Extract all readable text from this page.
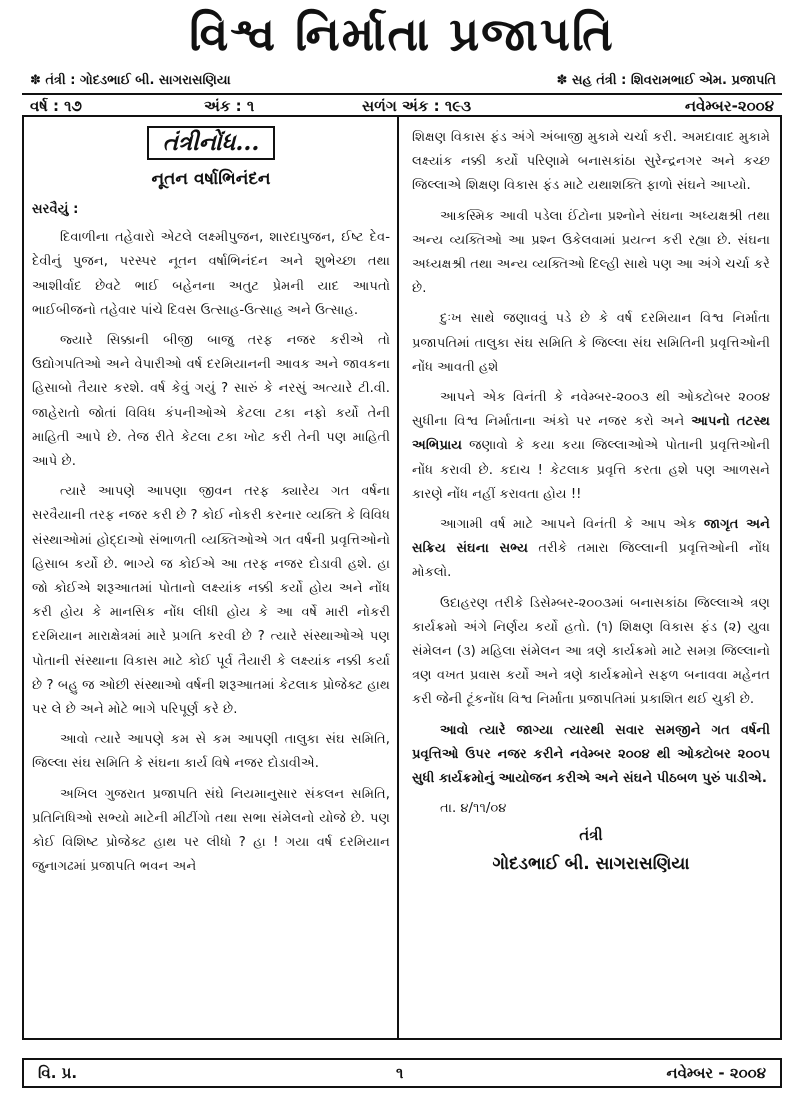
વિશ્વ નિર્માતા પ્રજાપતિ
✽ તંત્રી : ગોદડભાઈ બી. સાગરાસણિયા	✽ સહ તંત્રી : શિવરામભાઈ એમ. પ્રજાપતિ
વર્ષ : ૧૭	અંક : ૧	સળંગ અંક : ૧૯૩	નવેમ્બર-૨૦૦૪
તંત્રીનોંધ...
નૂતન વર્ષાભિનંદન
સરવૈયું :

દિવાળીના તહેવારો એટલે લક્ષ્મીપુજન, શારદાપુજન, ઈષ્ટ દેવ-દેવીનું પુજન, પરસ્પર નૂતન વર્ષાભિનંદન અને શુભેચ્છા તથા આશીર્વાદ છેવટે ભાઈ બહેનના અતુટ પ્રેમની યાદ આપતો ભાઈબીજનો તહેવાર પાંચે દિવસ ઉત્સાહ-ઉત્સાહ અને ઉત્સાહ.

જ્યારે સિક્કાની બીજી બાજુ તરફ નજર કરીએ તો ઉદ્યોગપતિઓ અને વેપારીઓ વર્ષ દરમિયાનની આવક અને જાવકના હિસાબો તૈયાર કરશે. વર્ષ કેવું ગયું ? સારું કે નરસું અત્યારે ટી.વી. જાહેરાતો જોતાં વિવિધ કંપનીઓએ કેટલા ટકા નફો કર્યો તેની માહિતી આપે છે. તેજ રીતે કેટલા ટકા ખોટ કરી તેની પણ માહિતી આપે છે.

ત્યારે આપણે આપણા જીવન તરફ ક્યારેય ગત વર્ષના સરવૈયાની તરફ નજર કરી છે ? કોઈ નોકરી કરનાર વ્યક્તિ કે વિવિધ સંસ્થાઓમાં હોદ્દાઓ સંભાળતી વ્યક્તિઓએ ગત વર્ષની પ્રવૃત્તિઓનો હિસાબ કર્યો છે. ભાગ્યે જ કોઈએ આ તરફ નજર દોડાવી હશે. હા જો કોઈએ શરૂઆતમાં પોતાનો લક્ષ્યાંક નક્કી કર્યો હોય અને નોંધ કરી હોય કે માનસિક નોંધ લીધી હોય કે આ વર્ષે મારી નોકરી દરમિયાન મારાક્ષેત્રમાં મારે પ્રગતિ કરવી છે ? ત્યારે સંસ્થાઓએ પણ પોતાની સંસ્થાના વિકાસ માટે કોઈ પૂર્વ તૈયારી કે લક્ષ્યાંક નક્કી કર્યા છે ? બહુ જ ઓછી સંસ્થાઓ વર્ષની શરૂઆતમાં કેટલાક પ્રોજેક્ટ હાથ પર લે છે અને મોટે ભાગે પરિપૂર્ણ કરે છે.

આવો ત્યારે આપણે કમ સે કમ આપણી તાલુકા સંઘ સમિતિ, જિલ્લા સંઘ સમિતિ કે સંઘના કાર્ય વિષે નજર દોડાવીએ.

અખિલ ગુજરાત પ્રજાપતિ સંઘે નિયમાનુસાર સંકલન સમિતિ, પ્રતિનિધિઓ સભ્યો માટેની મીટીંગો તથા સભા સંમેલનો યોજે છે. પણ કોઈ વિશિષ્ટ પ્રોજેક્ટ હાથ પર લીધો ? હા ! ગયા વર્ષ દરમિયાન જુનાગઢમાં પ્રજાપતિ ભવન અને

શિક્ષણ વિકાસ ફંડ અંગે અંબાજી મુકામે ચર્ચા કરી. અમદાવાદ મુકામે લક્ષ્યાંક નક્કી કર્યો પરિણામે બનાસકાંઠા સુરેન્દ્રનગર અને કચ્છ જિલ્લાએ શિક્ષણ વિકાસ ફંડ માટે યથાશક્તિ ફાળો સંઘને આપ્યો.

આકસ્મિક આવી પડેલા ઈંટોના પ્રશ્નોને સંઘના અધ્યક્ષશ્રી તથા અન્ય વ્યક્તિઓ આ પ્રશ્ન ઉકેલવામાં પ્રયત્ન કરી રહ્યા છે. સંઘના અધ્યક્ષશ્રી તથા અન્ય વ્યક્તિઓ દિલ્હી સાથે પણ આ અંગે ચર્ચા કરે છે.

દુઃખ સાથે જણાવવું પડે છે કે વર્ષ દરમિયાન વિશ્વ નિર્માતા પ્રજાપતિમાં તાલુકા સંઘ સમિતિ કે જિલ્લા સંઘ સમિતિની પ્રવૃત્તિઓની નોંધ આવતી હશે

આપને એક વિનંતી કે નવેમ્બર-૨૦૦૩ થી ઓક્ટોબર ૨૦૦૪ સુધીના વિશ્વ નિર્માતાના અંકો પર નજર કરો અને આપનો તટસ્થ અભિપ્રાય જણાવો કે કયા કયા જિલ્લાઓએ પોતાની પ્રવૃત્તિઓની નોંધ કરાવી છે. કદાચ ! કેટલાક પ્રવૃત્તિ કરતા હશે પણ આળસને કારણે નોંધ નહીં કરાવતા હોય !!

આગામી વર્ષ માટે આપને વિનંતી કે આપ એક જાગૃત અને સક્રિય સંઘના સભ્ય તરીકે તમારા જિલ્લાની પ્રવૃત્તિઓની નોંધ મોકલો.

ઉદાહરણ તરીકે ડિસેમ્બર-૨૦૦૩માં બનાસકાંઠા જિલ્લાએ ત્રણ કાર્યક્રમો અંગે નિર્ણય કર્યો હતો. (૧) શિક્ષણ વિકાસ ફંડ (૨) યુવા સંમેલન (૩) મહિલા સંમેલન આ ત્રણે કાર્યક્રમો માટે સમગ્ર જિલ્લાનો ત્રણ વખત પ્રવાસ કર્યો અને ત્રણે કાર્યક્રમોને સફળ બનાવવા મહેનત કરી જેની ટૂંકનોંધ વિશ્વ નિર્માતા પ્રજાપતિમાં પ્રકાશિત થઈ ચુકી છે.

આવો ત્યારે જાગ્યા ત્યારથી સવાર સમજીને ગત વર્ષની પ્રવૃત્તિઓ ઉપર નજર કરીને નવેમ્બર ૨૦૦૪ થી ઓક્ટોબર ૨૦૦૫ સુધી કાર્યક્રમોનું આયોજન કરીએ અને સંઘને પીઠબળ પુરું પાડીએ.

તા. ૪/૧૧/૦૪
તંત્રી
ગોદડભાઈ બી. સાગરાસણિયા
વિ. પ્ર.	૧	નવેમ્બર - ૨૦૦૪
